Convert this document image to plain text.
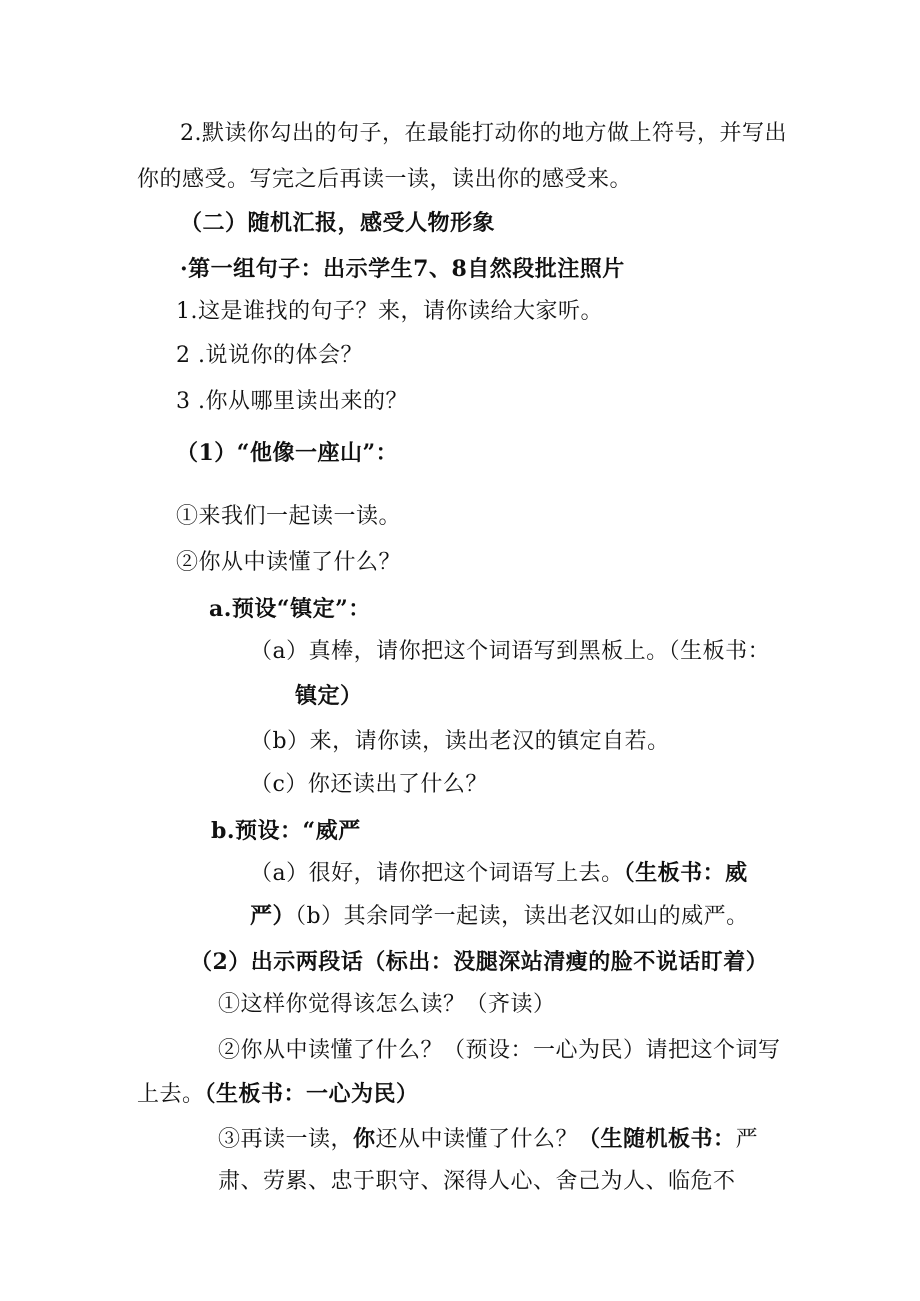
2.默读你勾出的句子，在最能打动你的地方做上符号，并写出
你的感受。写完之后再读一读，读出你的感受来。
（二）随机汇报，感受人物形象
·第一组句子：出示学生7、8自然段批注照片
1.这是谁找的句子？来，请你读给大家听。
2 .说说你的体会？
3 .你从哪里读出来的？
（1）“他像一座山”：
①来我们一起读一读。
②你从中读懂了什么？
a.预设“镇定”：
（a）真棒，请你把这个词语写到黑板上。（生板书：
镇定）
（b）来，请你读，读出老汉的镇定自若。
（c）你还读出了什么？
b.预设：“威严
（a）很好，请你把这个词语写上去。（生板书：威
严）（b）其余同学一起读，读出老汉如山的威严。
（2）出示两段话（标出：没腿深站清瘦的脸不说话盯着）
①这样你觉得该怎么读？（齐读）
②你从中读懂了什么？（预设：一心为民）请把这个词写
上去。（生板书：一心为民）
③再读一读，你还从中读懂了什么？（生随机板书：严
肃、劳累、忠于职守、深得人心、舍己为人、临危不
